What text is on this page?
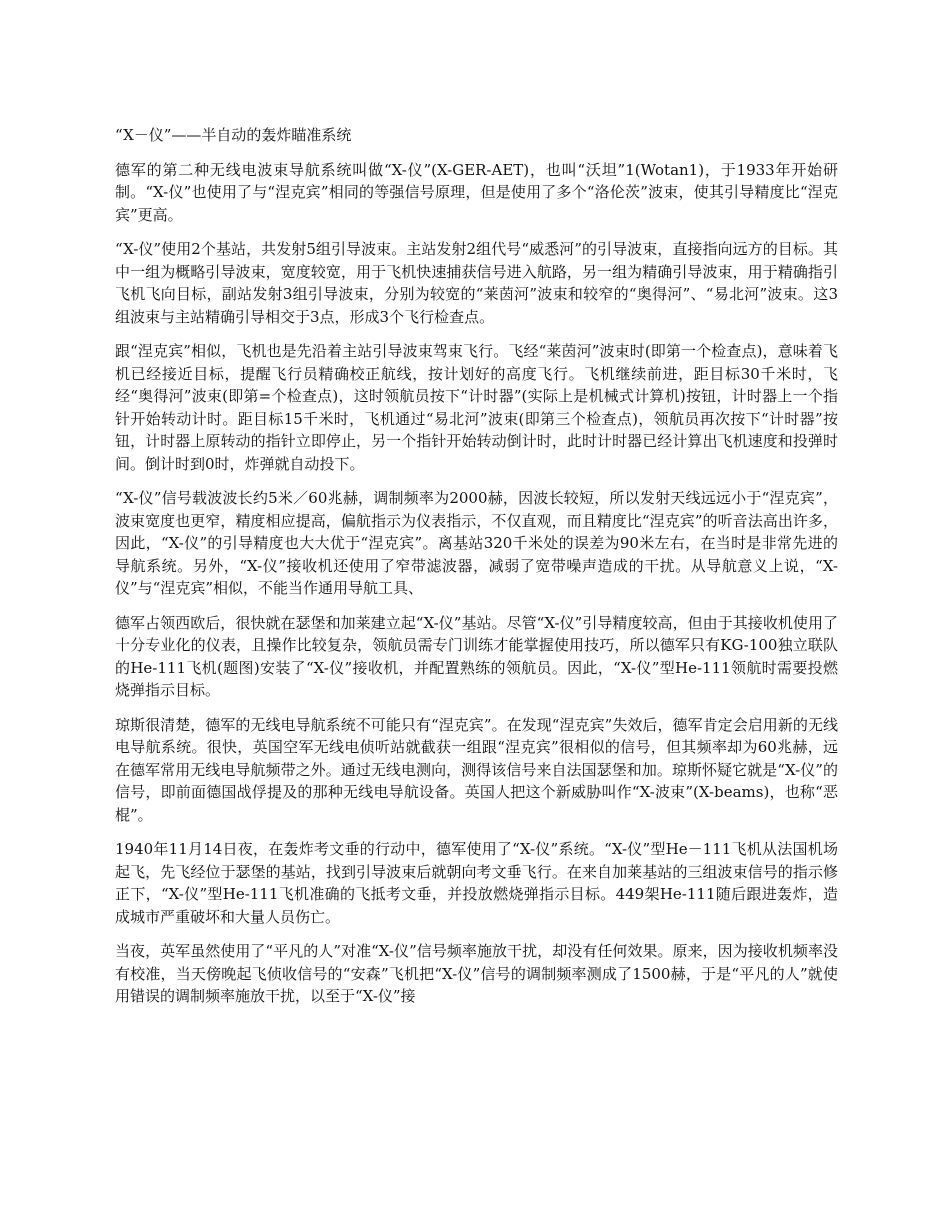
“X－仪”——半自动的轰炸瞄准系统

德军的第二种无线电波束导航系统叫做“X-仪”(X-GER-AET)，也叫“沃坦”1(Wotan1)，于1933年开始研制。“X-仪”也使用了与“涅克宾”相同的等强信号原理，但是使用了多个“洛伦茨”波束，使其引导精度比“涅克宾”更高。

“X-仪”使用2个基站，共发射5组引导波束。主站发射2组代号“威悉河”的引导波束，直接指向远方的目标。其中一组为概略引导波束，宽度较宽，用于飞机快速捕获信号进入航路，另一组为精确引导波束，用于精确指引飞机飞向目标，副站发射3组引导波束，分别为较宽的“莱茵河”波束和较窄的“奥得河”、“易北河”波束。这3组波束与主站精确引导相交于3点，形成3个飞行检查点。

跟“涅克宾”相似，飞机也是先沿着主站引导波束驾束飞行。飞经“莱茵河”波束时(即第一个检查点)，意味着飞机已经接近目标，提醒飞行员精确校正航线，按计划好的高度飞行。飞机继续前进，距目标30千米时，飞经“奥得河”波束(即第=个检查点)，这时领航员按下“计时器”(实际上是机械式计算机)按钮，计时器上一个指针开始转动计时。距目标15千米时，飞机通过“易北河”波束(即第三个检查点)，领航员再次按下“计时器”按钮，计时器上原转动的指针立即停止，另一个指针开始转动倒计时，此时计时器已经计算出飞机速度和投弹时间。倒计时到0时，炸弹就自动投下。

“X-仪”信号载波波长约5米／60兆赫，调制频率为2000赫，因波长较短，所以发射天线远远小于“涅克宾”，波束宽度也更窄，精度相应提高，偏航指示为仪表指示，不仅直观，而且精度比“涅克宾”的听音法高出许多，因此，“X-仪”的引导精度也大大优于“涅克宾”。离基站320千米处的误差为90米左右，在当时是非常先进的导航系统。另外，“X-仪”接收机还使用了窄带滤波器，减弱了宽带噪声造成的干扰。从导航意义上说，“X-仪”与“涅克宾”相似，不能当作通用导航工具、

德军占领西欧后，很快就在瑟堡和加莱建立起“X-仪”基站。尽管“X-仪”引导精度较高，但由于其接收机使用了十分专业化的仪表，且操作比较复杂，领航员需专门训练才能掌握使用技巧，所以德军只有KG-100独立联队的He-111飞机(题图)安装了“X-仪”接收机，并配置熟练的领航员。因此，“X-仪”型He-111领航时需要投燃烧弹指示目标。

琼斯很清楚，德军的无线电导航系统不可能只有“涅克宾”。在发现“涅克宾”失效后，德军肯定会启用新的无线电导航系统。很快，英国空军无线电侦听站就截获一组跟“涅克宾”很相似的信号，但其频率却为60兆赫，远在德军常用无线电导航频带之外。通过无线电测向，测得该信号来自法国瑟堡和加。琼斯怀疑它就是“X-仪”的信号，即前面德国战俘提及的那种无线电导航设备。英国人把这个新威胁叫作“X-波束”(X-beams)，也称“恶棍”。

1940年11月14日夜，在轰炸考文垂的行动中，德军使用了“X-仪”系统。“X-仪”型He－111飞机从法国机场起飞，先飞经位于瑟堡的基站，找到引导波束后就朝向考文垂飞行。在来自加莱基站的三组波束信号的指示修正下，“X-仪”型He-111飞机准确的飞抵考文垂，并投放燃烧弹指示目标。449架He-111随后跟进轰炸，造成城市严重破坏和大量人员伤亡。

当夜，英军虽然使用了“平凡的人”对准“X-仪”信号频率施放干扰，却没有任何效果。原来，因为接收机频率没有校准，当天傍晚起飞侦收信号的“安森”飞机把“X-仪”信号的调制频率测成了1500赫，于是“平凡的人”就使用错误的调制频率施放干扰，以至于“X-仪”接
